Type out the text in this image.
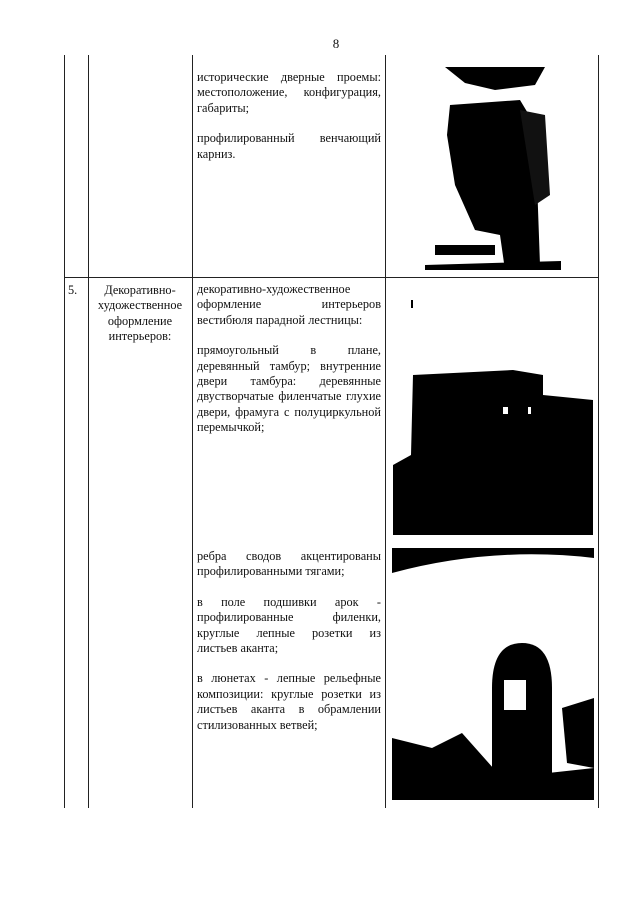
8

исторические дверные проемы: местоположение, конфигурация, габариты;

профилированный венчающий карниз.

5.	Декоративно-художественное оформление интерьеров:

декоративно-художественное оформление интерьеров вестибюля парадной лестницы:

прямоугольный в плане, деревянный тамбур; внутренние двери тамбура: деревянные двустворчатые филенчатые глухие двери, фрамуга с полуциркульной перемычкой;

ребра сводов акцентированы профилированными тягами;

в поле подшивки арок - профилированные филенки, круглые лепные розетки из листьев аканта;

в люнетах - лепные рельефные композиции: круглые розетки из листьев аканта в обрамлении стилизованных ветвей;
